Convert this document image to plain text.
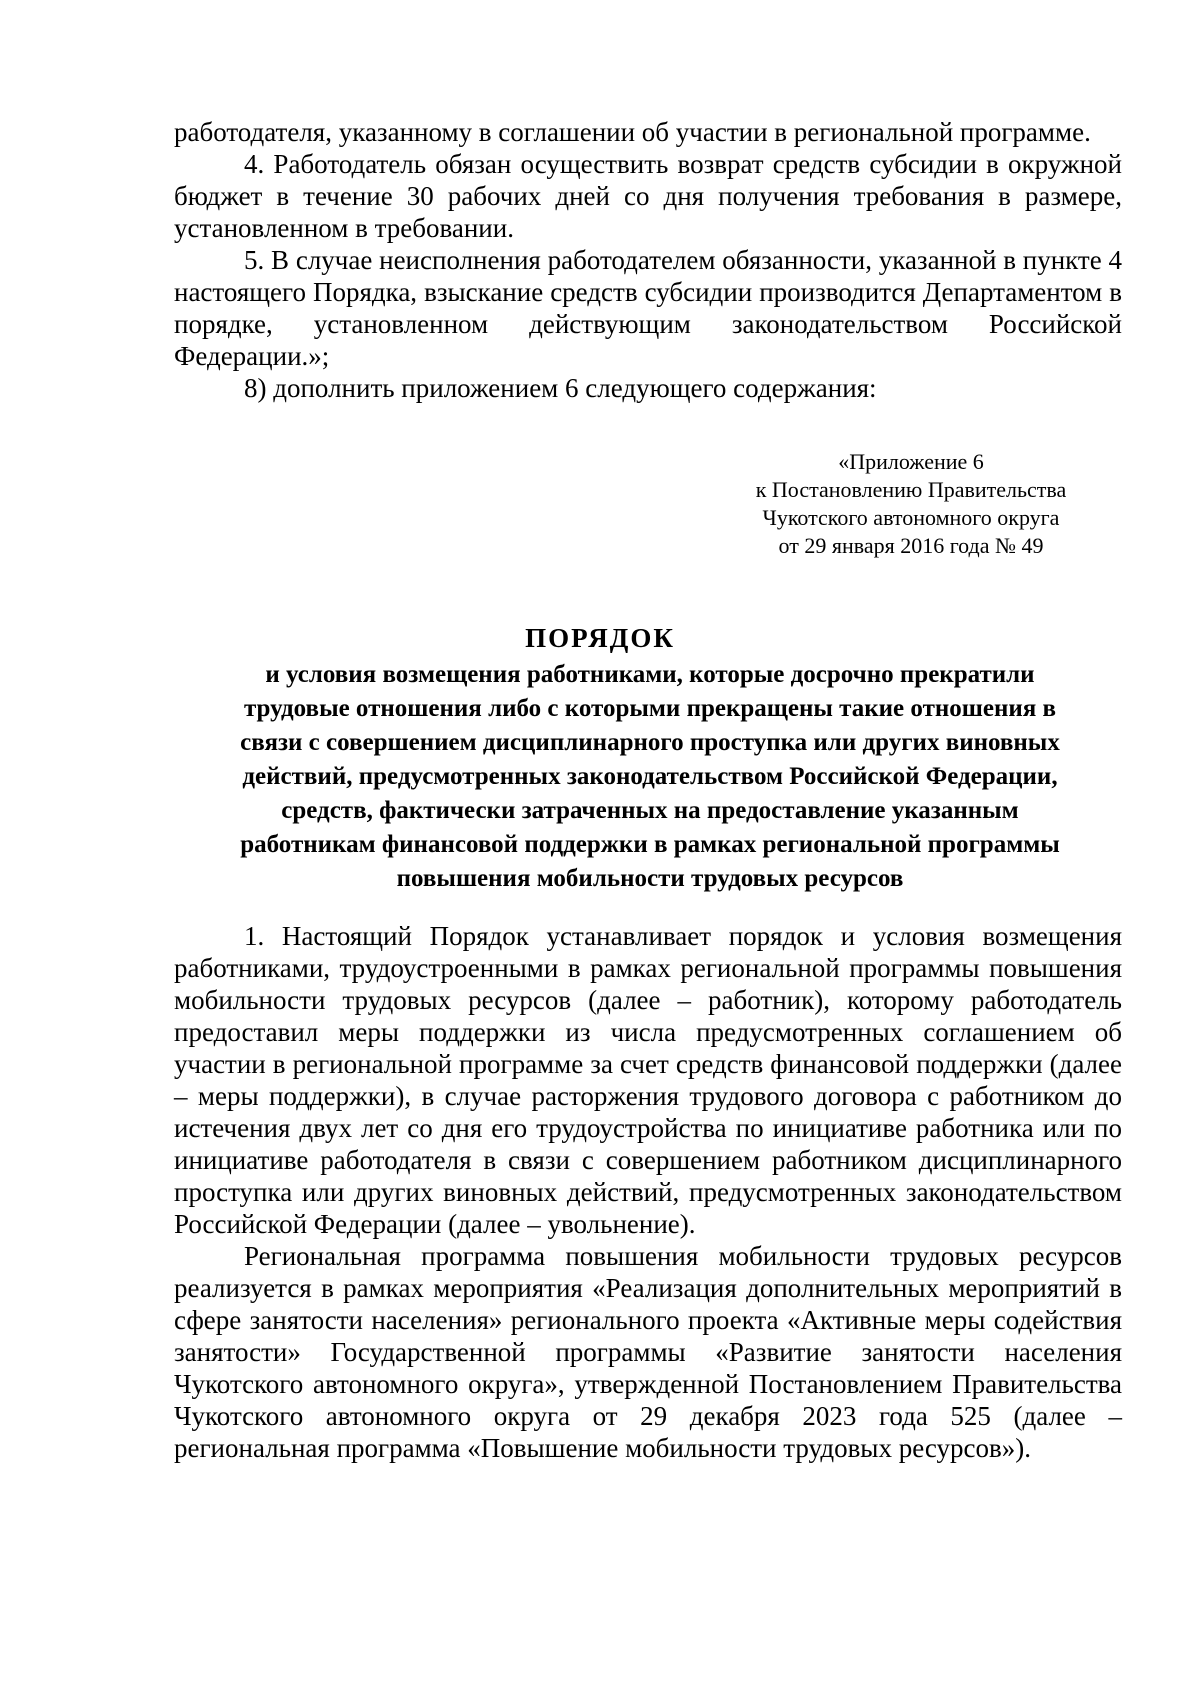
работодателя, указанному в соглашении об участии в региональной программе.

4. Работодатель обязан осуществить возврат средств субсидии в окружной бюджет в течение 30 рабочих дней со дня получения требования в размере, установленном в требовании.

5. В случае неисполнения работодателем обязанности, указанной в пункте 4 настоящего Порядка, взыскание средств субсидии производится Департаментом в порядке, установленном действующим законодательством Российской Федерации.»;

8) дополнить приложением 6 следующего содержания:

«Приложение 6
к Постановлению Правительства
Чукотского автономного округа
от 29 января 2016 года № 49
ПОРЯДОК
и условия возмещения работниками, которые досрочно прекратили
трудовые отношения либо с которыми прекращены такие отношения в
связи с совершением дисциплинарного проступка или других виновных
действий, предусмотренных законодательством Российской Федерации,
средств, фактически затраченных на предоставление указанным
работникам финансовой поддержки в рамках региональной программы
повышения мобильности трудовых ресурсов

1. Настоящий Порядок устанавливает порядок и условия возмещения работниками, трудоустроенными в рамках региональной программы повышения мобильности трудовых ресурсов (далее – работник), которому работодатель предоставил меры поддержки из числа предусмотренных соглашением об участии в региональной программе за счет средств финансовой поддержки (далее – меры поддержки), в случае расторжения трудового договора с работником до истечения двух лет со дня его трудоустройства по инициативе работника или по инициативе работодателя в связи с совершением работником дисциплинарного проступка или других виновных действий, предусмотренных законодательством Российской Федерации (далее – увольнение).

Региональная программа повышения мобильности трудовых ресурсов реализуется в рамках мероприятия «Реализация дополнительных мероприятий в сфере занятости населения» регионального проекта «Активные меры содействия занятости» Государственной программы «Развитие занятости населения Чукотского автономного округа», утвержденной Постановлением Правительства Чукотского автономного округа от 29 декабря 2023 года 525 (далее – региональная программа «Повышение мобильности трудовых ресурсов»).
